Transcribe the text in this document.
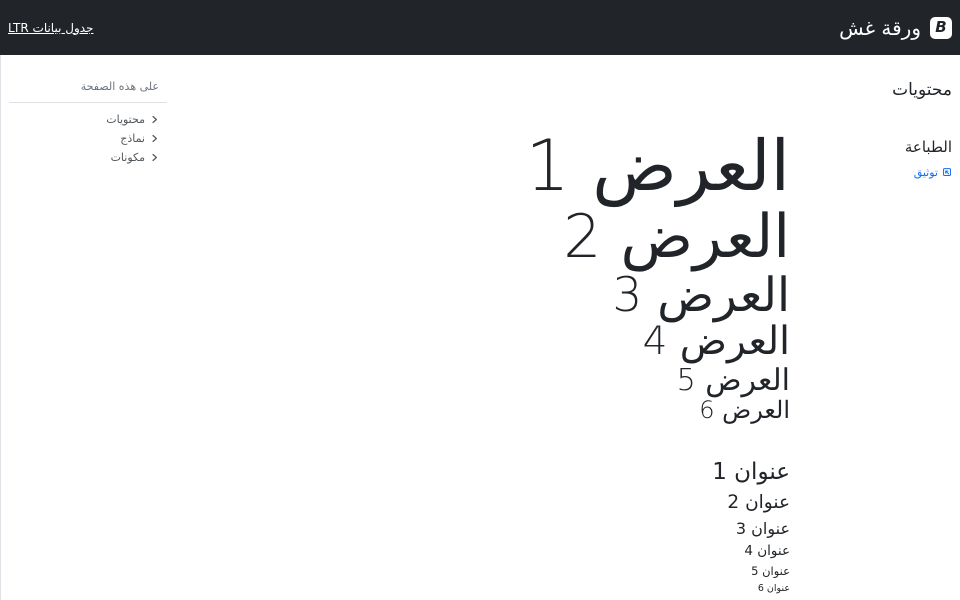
B
ورقة غش
جدول بيانات LTR
محتويات
الطباعة
توثيق
العرض 1
العرض 2
العرض 3
العرض 4
العرض 5
العرض 6
عنوان 1
عنوان 2
عنوان 3
عنوان 4
عنوان 5
عنوان 6
على هذه الصفحة
محتويات
نماذج
مكونات
